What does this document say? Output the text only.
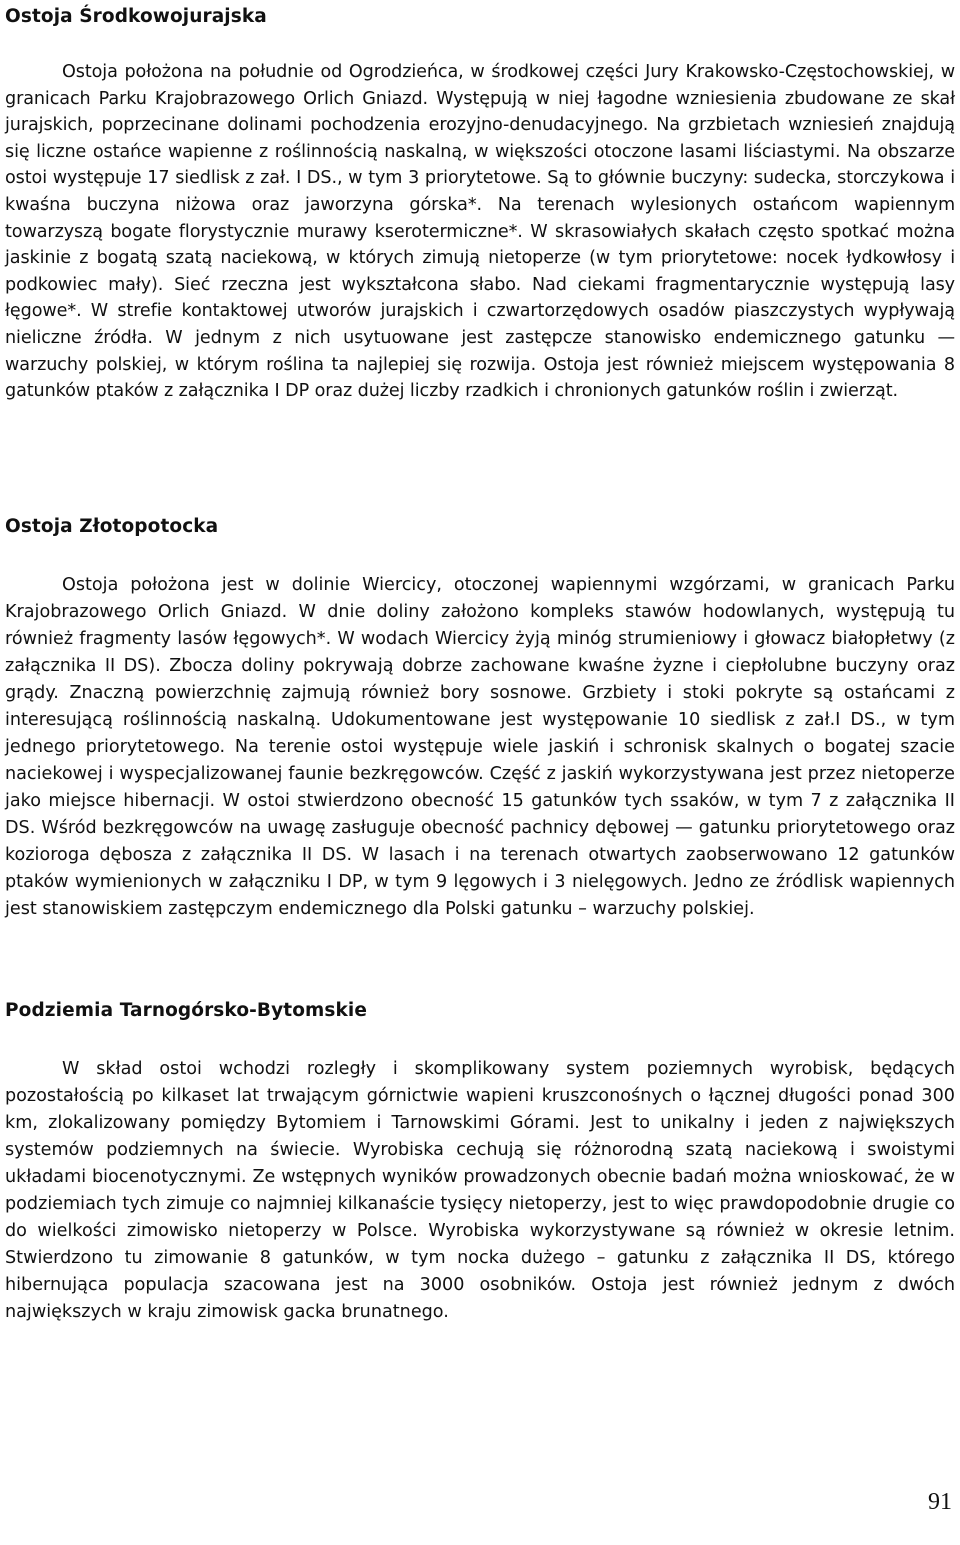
Ostoja Środkowojurajska

Ostoja położona na południe od Ogrodzieńca, w środkowej części Jury Krakowsko-Częstochowskiej, w granicach Parku Krajobrazowego Orlich Gniazd. Występują w niej łagodne wzniesienia zbudowane ze skał jurajskich, poprzecinane dolinami pochodzenia erozyjno-denudacyjnego. Na grzbietach wzniesień znajdują się liczne ostańce wapienne z roślinnością naskalną, w większości otoczone lasami liściastymi. Na obszarze ostoi występuje 17 siedlisk z zał. I DS., w tym 3 priorytetowe. Są to głównie buczyny: sudecka, storczykowa i kwaśna buczyna niżowa oraz jaworzyna górska*. Na terenach wylesionych ostańcom wapiennym towarzyszą bogate florystycznie murawy kserotermiczne*. W skrasowiałych skałach często spotkać można jaskinie z bogatą szatą naciekową, w których zimują nietoperze (w tym priorytetowe: nocek łydkowłosy i podkowiec mały). Sieć rzeczna jest wykształcona słabo. Nad ciekami fragmentarycznie występują lasy łęgowe*. W strefie kontaktowej utworów jurajskich i czwartorzędowych osadów piaszczystych wypływają nieliczne źródła. W jednym z nich usytuowane jest zastępcze stanowisko endemicznego gatunku — warzuchy polskiej, w którym roślina ta najlepiej się rozwija. Ostoja jest również miejscem występowania 8 gatunków ptaków z załącznika I DP oraz dużej liczby rzadkich i chronionych gatunków roślin i zwierząt.

Ostoja Złotopotocka

Ostoja położona jest w dolinie Wiercicy, otoczonej wapiennymi wzgórzami, w granicach Parku Krajobrazowego Orlich Gniazd. W dnie doliny założono kompleks stawów hodowlanych, występują tu również fragmenty lasów łęgowych*. W wodach Wiercicy żyją minóg strumieniowy i głowacz białopłetwy (z załącznika II DS). Zbocza doliny pokrywają dobrze zachowane kwaśne żyzne i ciepłolubne buczyny oraz grądy. Znaczną powierzchnię zajmują również bory sosnowe. Grzbiety i stoki pokryte są ostańcami z interesującą roślinnością naskalną. Udokumentowane jest występowanie 10 siedlisk z zał.I DS., w tym jednego priorytetowego. Na terenie ostoi występuje wiele jaskiń i schronisk skalnych o bogatej szacie naciekowej i wyspecjalizowanej faunie bezkręgowców. Część z jaskiń wykorzystywana jest przez nietoperze jako miejsce hibernacji. W ostoi stwierdzono obecność 15 gatunków tych ssaków, w tym 7 z załącznika II DS. Wśród bezkręgowców na uwagę zasługuje obecność pachnicy dębowej — gatunku priorytetowego oraz kozioroga dębosza z załącznika II DS. W lasach i na terenach otwartych zaobserwowano 12 gatunków ptaków wymienionych w załączniku I DP, w tym 9 lęgowych i 3 nielęgowych. Jedno ze źródlisk wapiennych jest stanowiskiem zastępczym endemicznego dla Polski gatunku – warzuchy polskiej.

Podziemia Tarnogórsko-Bytomskie

W skład ostoi wchodzi rozległy i skomplikowany system poziemnych wyrobisk, będących pozostałością po kilkaset lat trwającym górnictwie wapieni kruszconośnych o łącznej długości ponad 300 km, zlokalizowany pomiędzy Bytomiem i Tarnowskimi Górami. Jest to unikalny i jeden z największych systemów podziemnych na świecie. Wyrobiska cechują się różnorodną szatą naciekową i swoistymi układami biocenotycznymi. Ze wstępnych wyników prowadzonych obecnie badań można wnioskować, że w podziemiach tych zimuje co najmniej kilkanaście tysięcy nietoperzy, jest to więc prawdopodobnie drugie co do wielkości zimowisko nietoperzy w Polsce. Wyrobiska wykorzystywane są również w okresie letnim. Stwierdzono tu zimowanie 8 gatunków, w tym nocka dużego – gatunku z załącznika II DS, którego hibernująca populacja szacowana jest na 3000 osobników. Ostoja jest również jednym z dwóch największych w kraju zimowisk gacka brunatnego.

91
